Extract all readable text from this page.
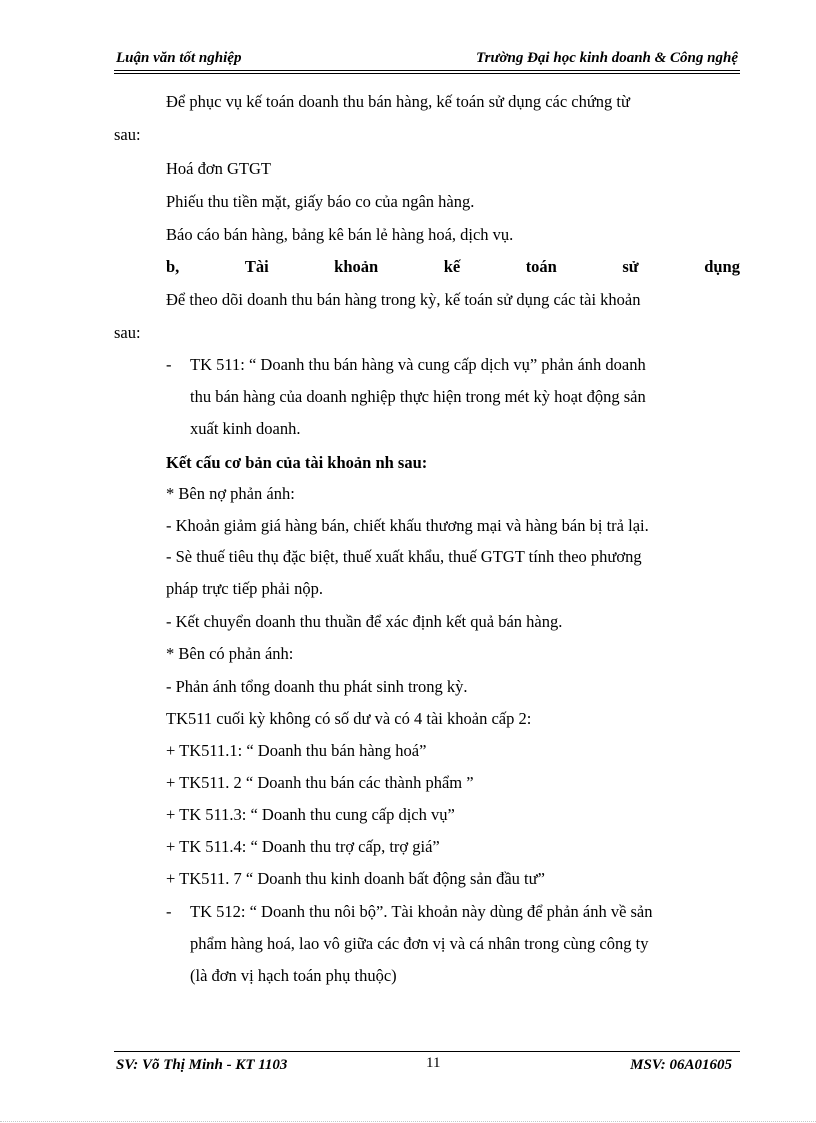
Luận văn tốt nghiệp	Trường Đại học kinh doanh & Công nghệ
Để phục vụ kế toán doanh thu bán hàng, kế toán sử dụng các chứng từ
sau:
Hoá đơn GTGT
Phiếu thu tiền mặt, giấy báo co của ngân hàng.
Báo cáo bán hàng, bảng kê bán lẻ hàng hoá, dịch vụ.
b,	Tài	khoản	kế	toán	sử	dụng
Để theo dõi doanh thu bán hàng trong kỳ, kế toán sử dụng các tài khoản
sau:
- TK 511: “ Doanh thu bán hàng và cung cấp dịch vụ” phản ánh doanh
thu bán hàng của doanh nghiệp thực hiện trong mét kỳ hoạt động sản
xuất kinh doanh.
Kết cấu cơ bản của tài khoản nh sau:
* Bên nợ phản ánh:
- Khoản giảm giá hàng bán, chiết khấu thương mại và hàng bán bị trả lại.
- Sè thuế tiêu thụ đặc biệt, thuế xuất khẩu, thuế GTGT tính theo phương
pháp trực tiếp phải nộp.
- Kết chuyển doanh thu thuần để xác định kết quả bán hàng.
* Bên có phản ánh:
- Phản ánh tổng doanh thu phát sinh trong kỳ.
TK511 cuối kỳ không có số dư và có 4 tài khoản cấp 2:
+ TK511.1: “ Doanh thu bán hàng hoá”
+ TK511. 2 “ Doanh thu bán các thành phẩm ”
+ TK 511.3: “ Doanh thu cung cấp dịch vụ”
+ TK 511.4: “ Doanh thu trợ cấp, trợ giá”
+ TK511. 7 “ Doanh thu kinh doanh bất động sản đầu tư”
- TK 512: “ Doanh thu nôi bộ”. Tài khoản này dùng để phản ánh về sản
phẩm hàng hoá, lao vô giữa các đơn vị và cá nhân trong cùng công ty
(là đơn vị hạch toán phụ thuộc)
SV: Võ Thị Minh - KT 1103	11	MSV: 06A01605
